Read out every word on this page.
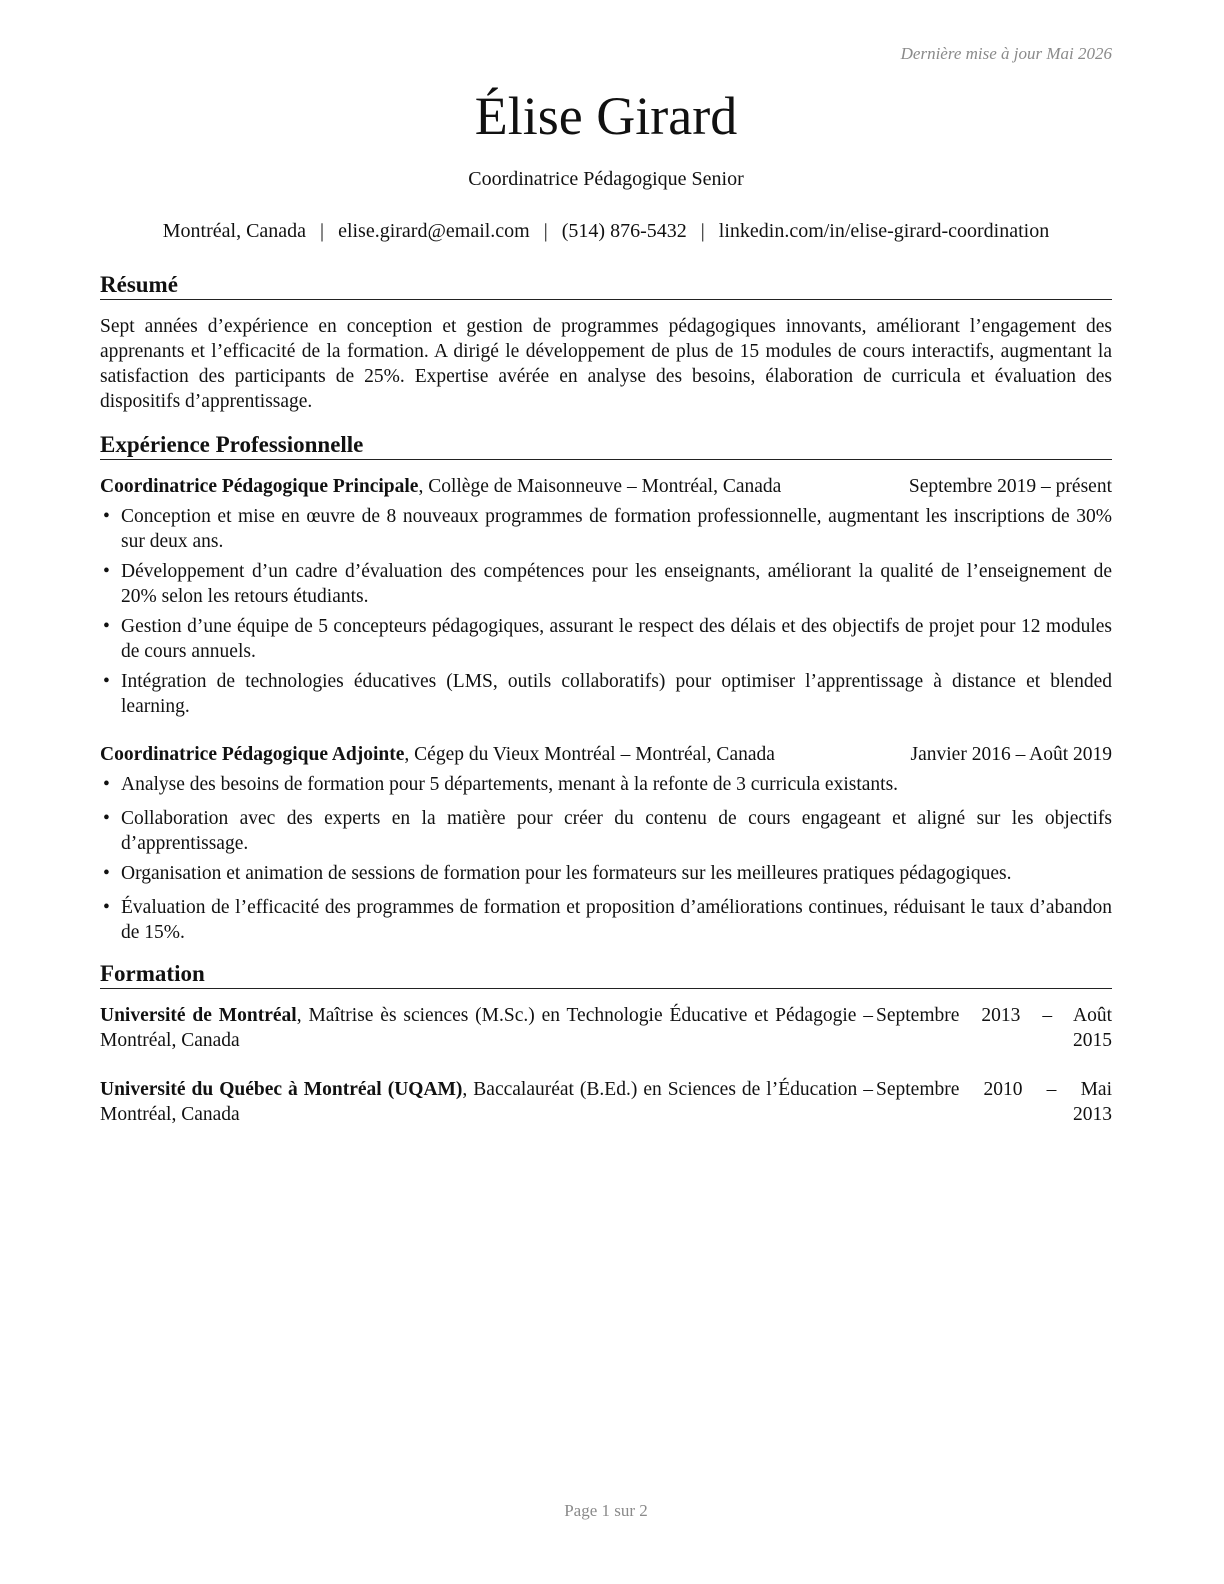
Dernière mise à jour Mai 2026
Élise Girard
Coordinatrice Pédagogique Senior
Montréal, Canada | elise.girard@email.com | (514) 876-5432 | linkedin.com/in/elise-girard-coordination
Résumé
Sept années d’expérience en conception et gestion de programmes pédagogiques innovants, améliorant l’engagement des apprenants et l’efficacité de la formation. A dirigé le développement de plus de 15 modules de cours interactifs, augmentant la satisfaction des participants de 25%. Expertise avérée en analyse des besoins, élaboration de curricula et évaluation des dispositifs d’apprentissage.
Expérience Professionnelle
Coordinatrice Pédagogique Principale, Collège de Maisonneuve – Montréal, Canada	Septembre 2019 – présent
• Conception et mise en œuvre de 8 nouveaux programmes de formation professionnelle, augmentant les inscriptions de 30% sur deux ans.
• Développement d’un cadre d’évaluation des compétences pour les enseignants, améliorant la qualité de l’enseignement de 20% selon les retours étudiants.
• Gestion d’une équipe de 5 concepteurs pédagogiques, assurant le respect des délais et des objectifs de projet pour 12 modules de cours annuels.
• Intégration de technologies éducatives (LMS, outils collaboratifs) pour optimiser l’apprentissage à distance et blended learning.
Coordinatrice Pédagogique Adjointe, Cégep du Vieux Montréal – Montréal, Canada	Janvier 2016 – Août 2019
• Analyse des besoins de formation pour 5 départements, menant à la refonte de 3 curricula existants.
• Collaboration avec des experts en la matière pour créer du contenu de cours engageant et aligné sur les objectifs d’apprentissage.
• Organisation et animation de sessions de formation pour les formateurs sur les meilleures pratiques pédagogiques.
• Évaluation de l’efficacité des programmes de formation et proposition d’améliorations continues, réduisant le taux d’abandon de 15%.
Formation
Université de Montréal, Maîtrise ès sciences (M.Sc.) en Technologie Éducative et Pédagogie – Montréal, Canada
Septembre 2013 – Août
2015
Université du Québec à Montréal (UQAM), Baccalauréat (B.Ed.) en Sciences de l’Éducation – Montréal, Canada
Septembre 2010 – Mai
2013
Page 1 sur 2
